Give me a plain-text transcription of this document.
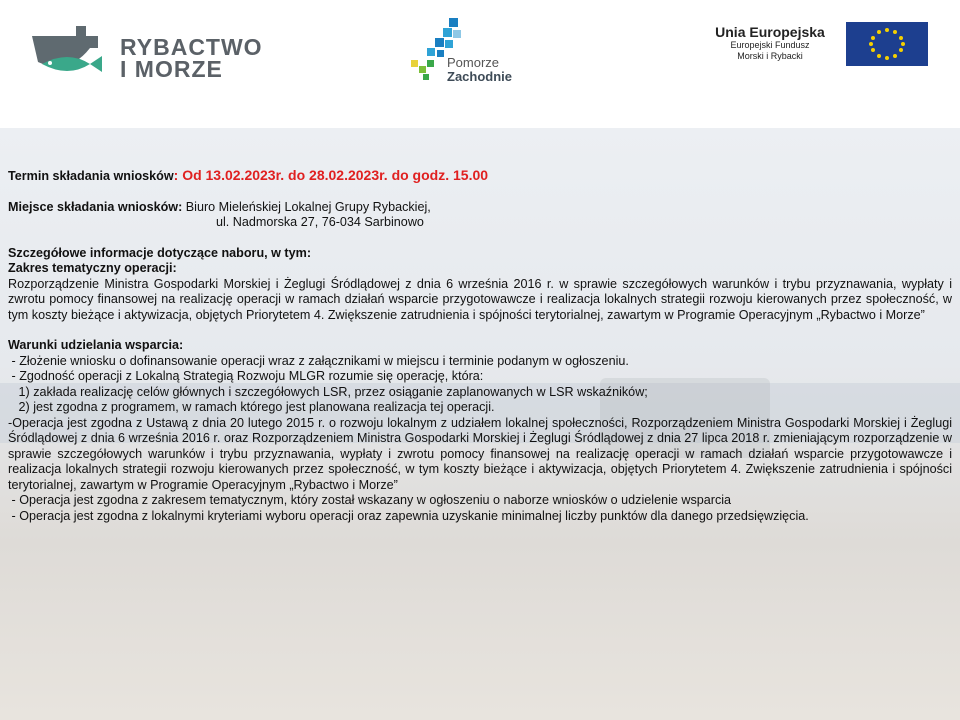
RYBACTWO
I MORZE	Pomorze
Zachodnie
Unia Europejska
Europejski Fundusz
Morski i Rybacki

Termin składania wniosków: Od 13.02.2023r. do 28.02.2023r. do godz. 15.00

Miejsce składania wniosków: Biuro Mieleńskiej Lokalnej Grupy Rybackiej,

ul. Nadmorska 27, 76-034 Sarbinowo

Szczegółowe informacje dotyczące naboru, w tym:

Zakres tematyczny operacji:

Rozporządzenie Ministra Gospodarki Morskiej i Żeglugi Śródlądowej z dnia 6 września 2016 r. w sprawie szczegółowych warunków i trybu przyznawania, wypłaty i zwrotu pomocy finansowej na realizację operacji w ramach działań wsparcie przygotowawcze i realizacja lokalnych strategii rozwoju kierowanych przez społeczność, w tym koszty bieżące i aktywizacja, objętych Priorytetem 4. Zwiększenie zatrudnienia i spójności terytorialnej, zawartym w Programie Operacyjnym „Rybactwo i Morze”

Warunki udzielania wsparcia:

- Złożenie wniosku o dofinansowanie operacji wraz z załącznikami w miejscu i terminie podanym w ogłoszeniu.

- Zgodność operacji z Lokalną Strategią Rozwoju MLGR rozumie się operację, która:

1) zakłada realizację celów głównych i szczegółowych LSR, przez osiąganie zaplanowanych w LSR wskaźników;

2) jest zgodna z programem, w ramach którego jest planowana realizacja tej operacji.

-Operacja jest zgodna z Ustawą z dnia 20 lutego 2015 r. o rozwoju lokalnym z udziałem lokalnej społeczności, Rozporządzeniem Ministra Gospodarki Morskiej i Żeglugi Śródlądowej z dnia 6 września 2016 r. oraz Rozporządzeniem Ministra Gospodarki Morskiej i Żeglugi Śródlądowej z dnia 27 lipca 2018 r. zmieniającym rozporządzenie w sprawie szczegółowych warunków i trybu przyznawania, wypłaty i zwrotu pomocy finansowej na realizację operacji w ramach działań wsparcie przygotowawcze i realizacja lokalnych strategii rozwoju kierowanych przez społeczność, w tym koszty bieżące i aktywizacja, objętych Priorytetem 4. Zwiększenie zatrudnienia i spójności terytorialnej, zawartym w Programie Operacyjnym „Rybactwo i Morze”

- Operacja jest zgodna z zakresem tematycznym, który został wskazany w ogłoszeniu o naborze wniosków o udzielenie wsparcia

- Operacja jest zgodna z lokalnymi kryteriami wyboru operacji oraz zapewnia uzyskanie minimalnej liczby punktów dla danego przedsięwzięcia.
